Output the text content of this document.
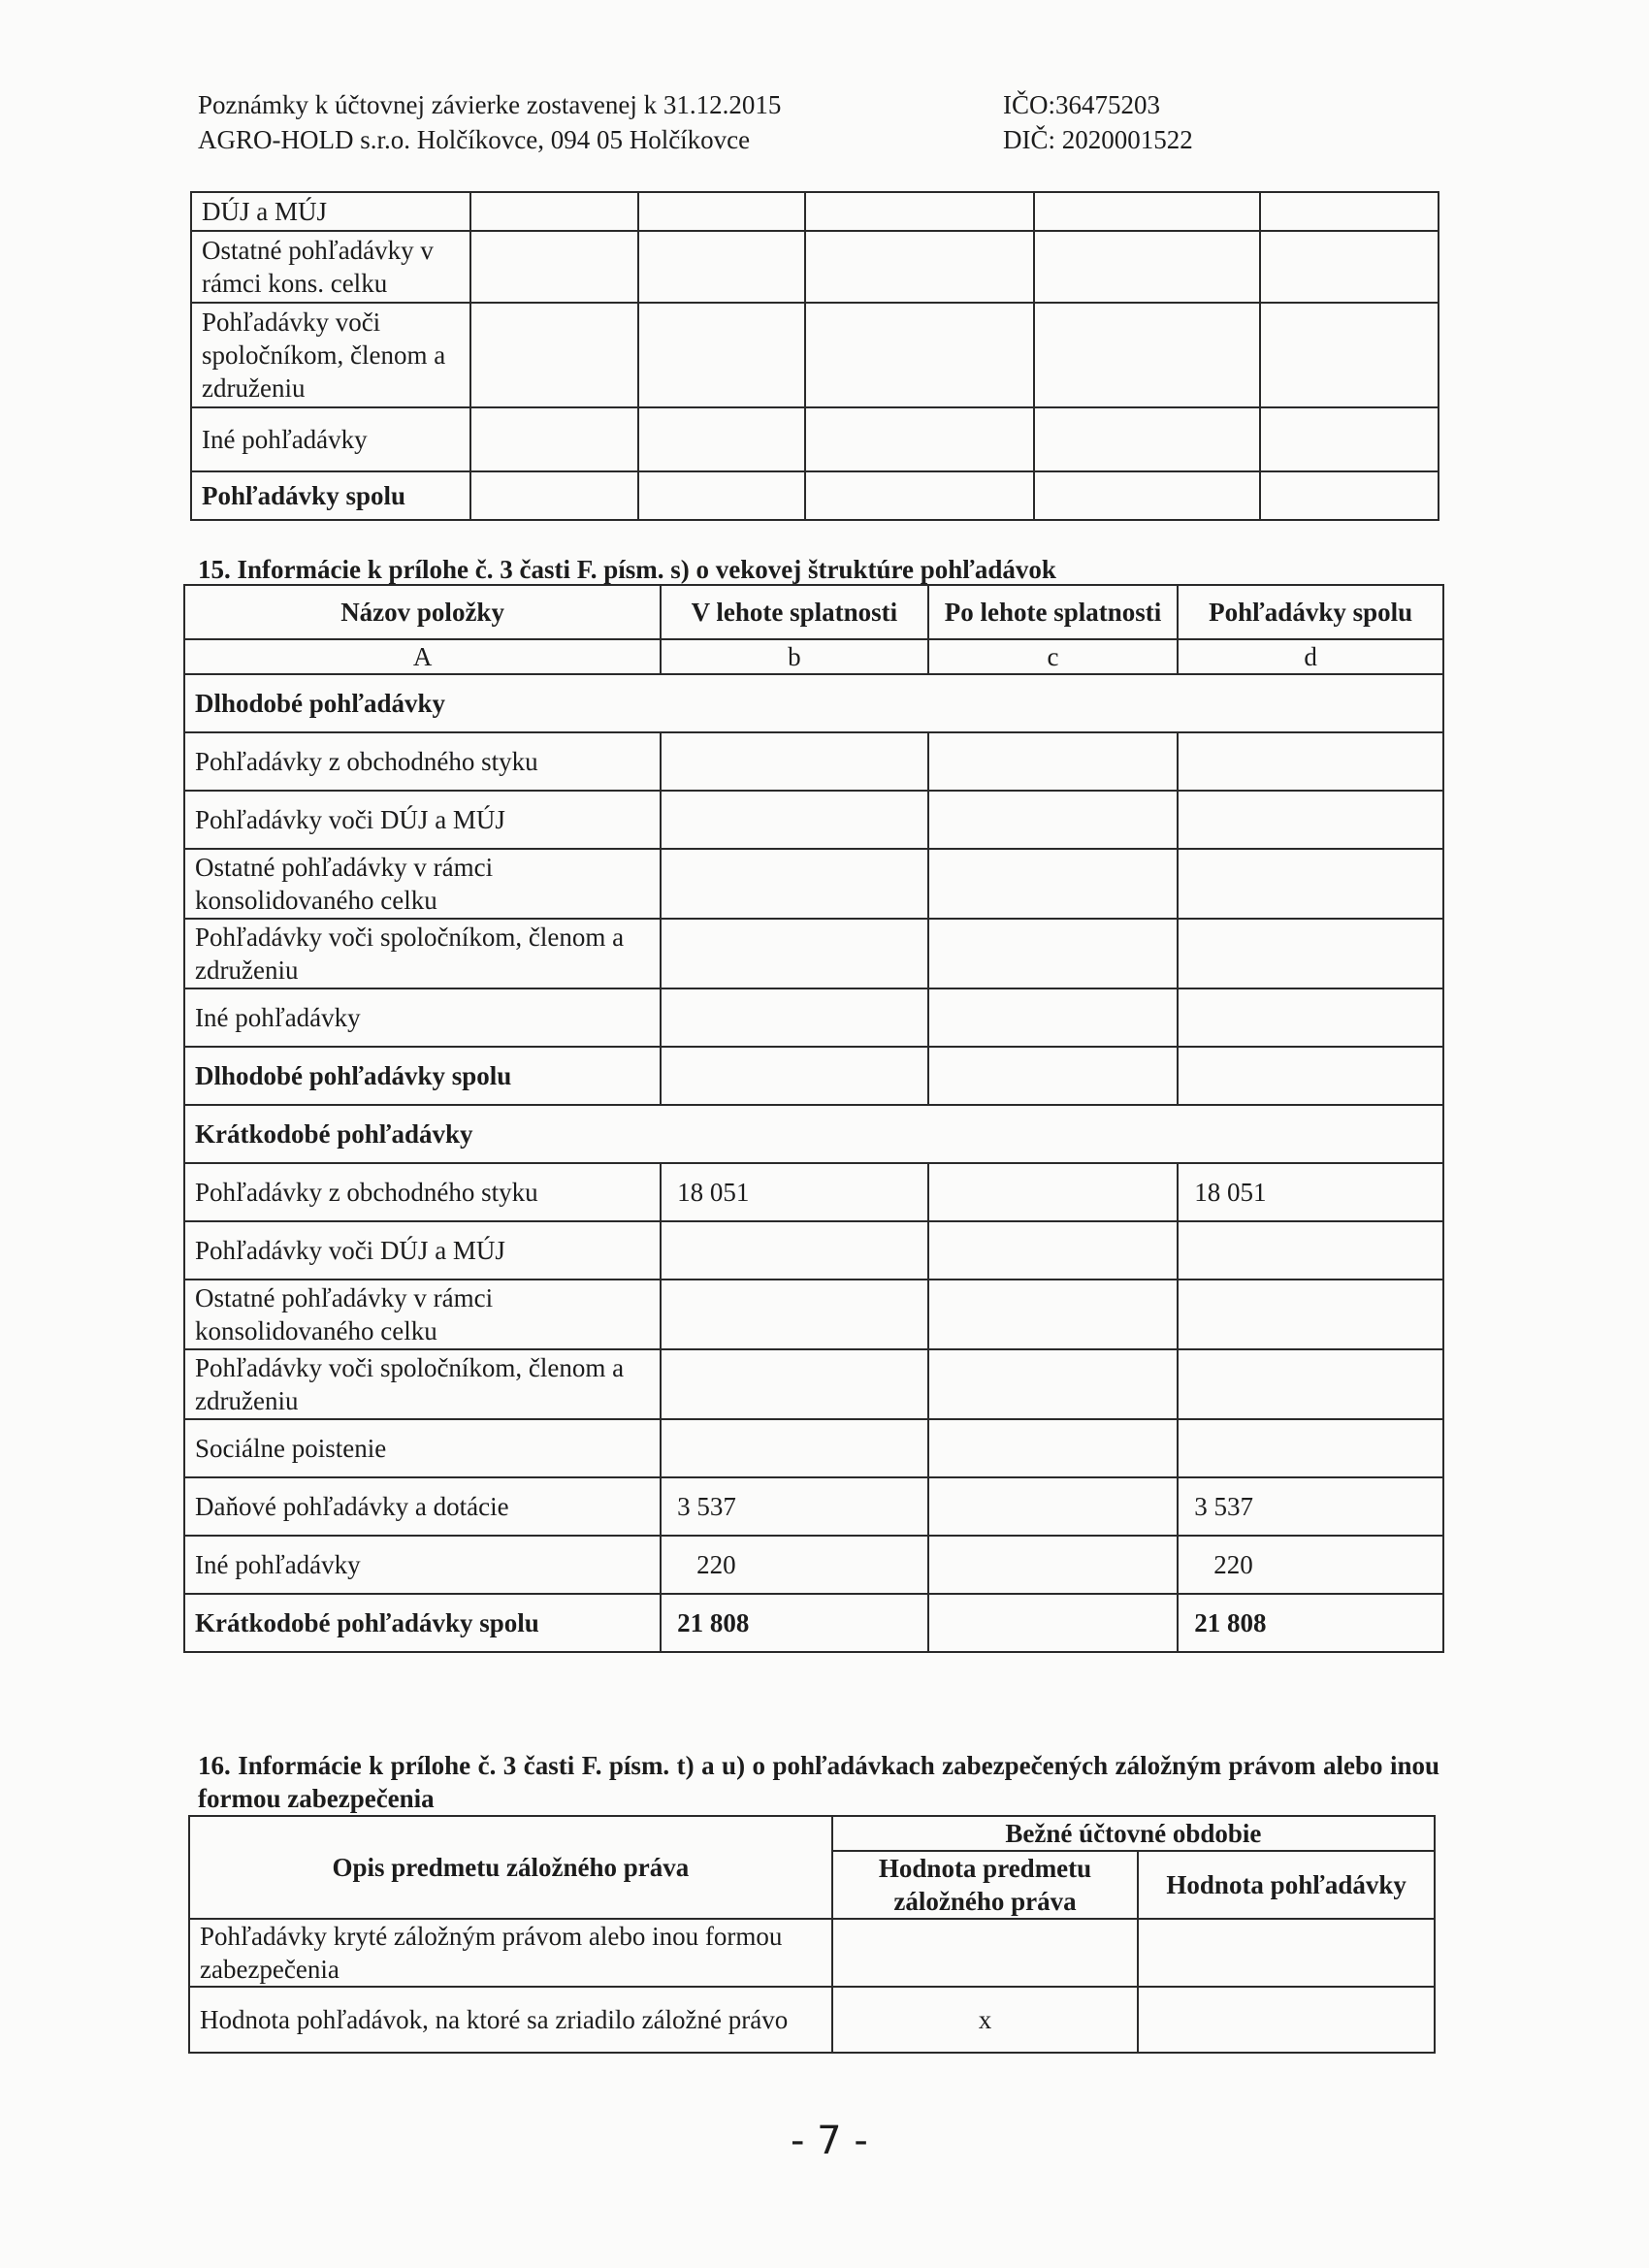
Poznámky k účtovnej závierke zostavenej k 31.12.2015
AGRO-HOLD s.r.o. Holčíkovce, 094 05 Holčíkovce
IČO:36475203
DIČ: 2020001522
DÚJ a MÚJ					
Ostatné pohľadávky v rámci kons. celku					
Pohľadávky voči spoločníkom, členom a združeniu					
Iné pohľadávky					
Pohľadávky spolu					
15. Informácie k prílohe č. 3 časti F. písm. s) o vekovej štruktúre pohľadávok
Názov položky	V lehote splatnosti	Po lehote splatnosti	Pohľadávky spolu
A	b	c	d
Dlhodobé pohľadávky			
Pohľadávky z obchodného styku			
Pohľadávky voči DÚJ a MÚJ			
Ostatné pohľadávky v rámci konsolidovaného celku			
Pohľadávky voči spoločníkom, členom a združeniu			
Iné pohľadávky			
Dlhodobé pohľadávky spolu			
Krátkodobé pohľadávky			
Pohľadávky z obchodného styku	18 051		18 051
Pohľadávky voči DÚJ a MÚJ			
Ostatné pohľadávky v rámci konsolidovaného celku			
Pohľadávky voči spoločníkom, členom a združeniu			
Sociálne poistenie			
Daňové pohľadávky a dotácie	3 537		3 537
Iné pohľadávky	220		220
Krátkodobé pohľadávky spolu	21 808		21 808
16. Informácie k prílohe č. 3 časti F. písm. t) a u) o pohľadávkach zabezpečených záložným právom alebo inou formou zabezpečenia
Opis predmetu záložného práva	Bežné účtovné obdobie	
	Hodnota predmetu záložného práva	Hodnota pohľadávky
Pohľadávky kryté záložným právom alebo inou formou zabezpečenia		
Hodnota pohľadávok, na ktoré sa zriadilo záložné právo	x	
- 7 -
